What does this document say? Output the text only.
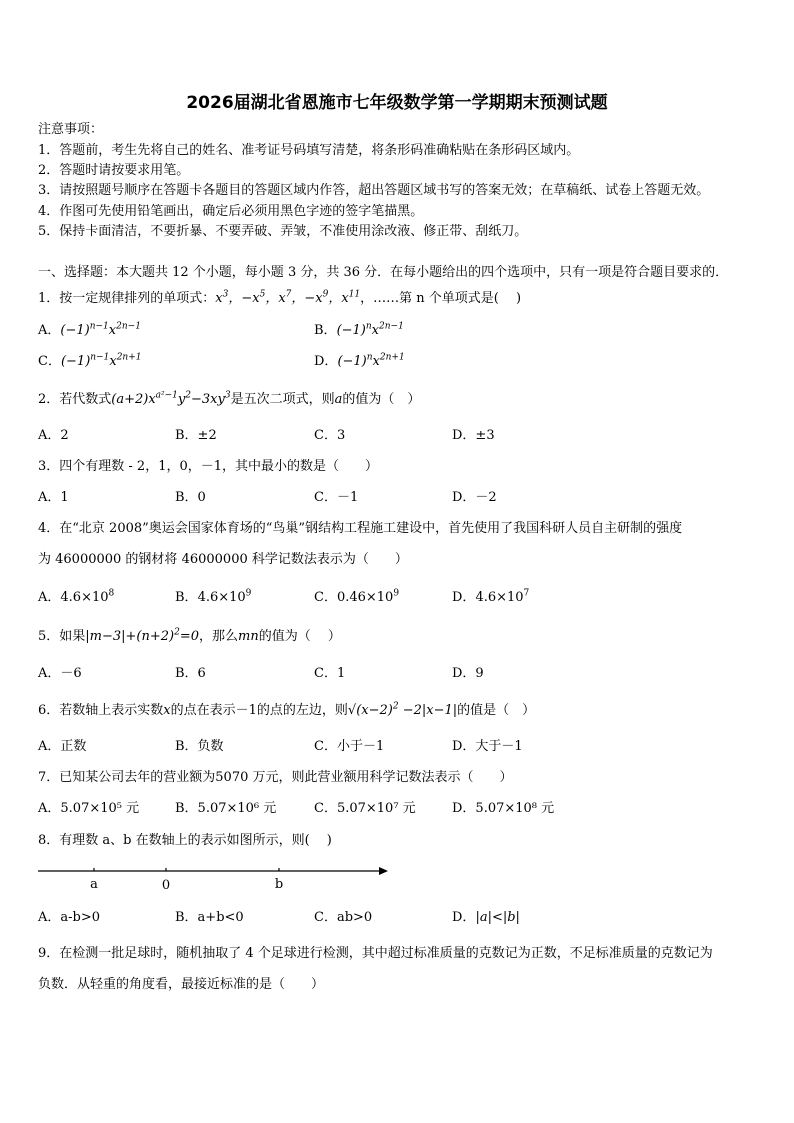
2026届湖北省恩施市七年级数学第一学期期末预测试题
注意事项：
1．答题前，考生先将自己的姓名、准考证号码填写清楚，将条形码准确粘贴在条形码区域内。
2．答题时请按要求用笔。
3．请按照题号顺序在答题卡各题目的答题区域内作答，超出答题区域书写的答案无效；在草稿纸、试卷上答题无效。
4．作图可先使用铅笔画出，确定后必须用黑色字迹的签字笔描黑。
5．保持卡面清洁，不要折暴、不要弄破、弄皱，不准使用涂改液、修正带、刮纸刀。
一、选择题：本大题共 12 个小题，每小题 3 分，共 36 分．在每小题给出的四个选项中，只有一项是符合题目要求的．
1．按一定规律排列的单项式：$x^3$，$-x^5$，$x^7$，$-x^9$，$x^{11}$，……第 n 个单项式是(　 )
A．$(-1)^{n-1}x^{2n-1}$	B．$(-1)^nx^{2n-1}$
C．$(-1)^{n-1}x^{2n+1}$	D．$(-1)^nx^{2n+1}$
2．若代数式$(a+2)x^{a^2-1}y^2-3xy^3$是五次二项式，则a的值为（　）
A．2	B．±2	C．3	D．±3
3．四个有理数 - 2，1，0，－1，其中最小的数是（　　）
A．1	B．0	C．－1	D．－2
4．在“北京 2008”奥运会国家体育场的“鸟巢”钢结构工程施工建设中，首先使用了我国科研人员自主研制的强度
为 46000000 的钢材将 46000000 科学记数法表示为（　　）
A．$4.6\times 10^8$	B．$4.6\times 10^9$	C．$0.46\times 10^9$	D．$4.6\times 10^7$
5．如果$|m-3|+(n+2)^2=0$，那么mn的值为（　 ）
A．－6	B．6	C．1	D．9
6．若数轴上表示实数x的点在表示－1的点的左边，则$√(x-2)^2 -2|x-1|$的值是（　）
A．正数	B．负数	C．小于－1	D．大于－1
7．已知某公司去年的营业额为5070 万元，则此营业额用科学记数法表示（　　）
A．5.07×10⁵ 元	B．5.07×10⁶ 元	C．5.07×10⁷ 元	D．5.07×10⁸ 元
8．有理数 a、b 在数轴上的表示如图所示，则(　 )
a	0	b
A．a-b>0	B．a+b<0	C．ab>0	D．|a|<|b|
9．在检测一批足球时，随机抽取了 4 个足球进行检测，其中超过标准质量的克数记为正数，不足标准质量的克数记为
负数．从轻重的角度看，最接近标准的是（　　）
